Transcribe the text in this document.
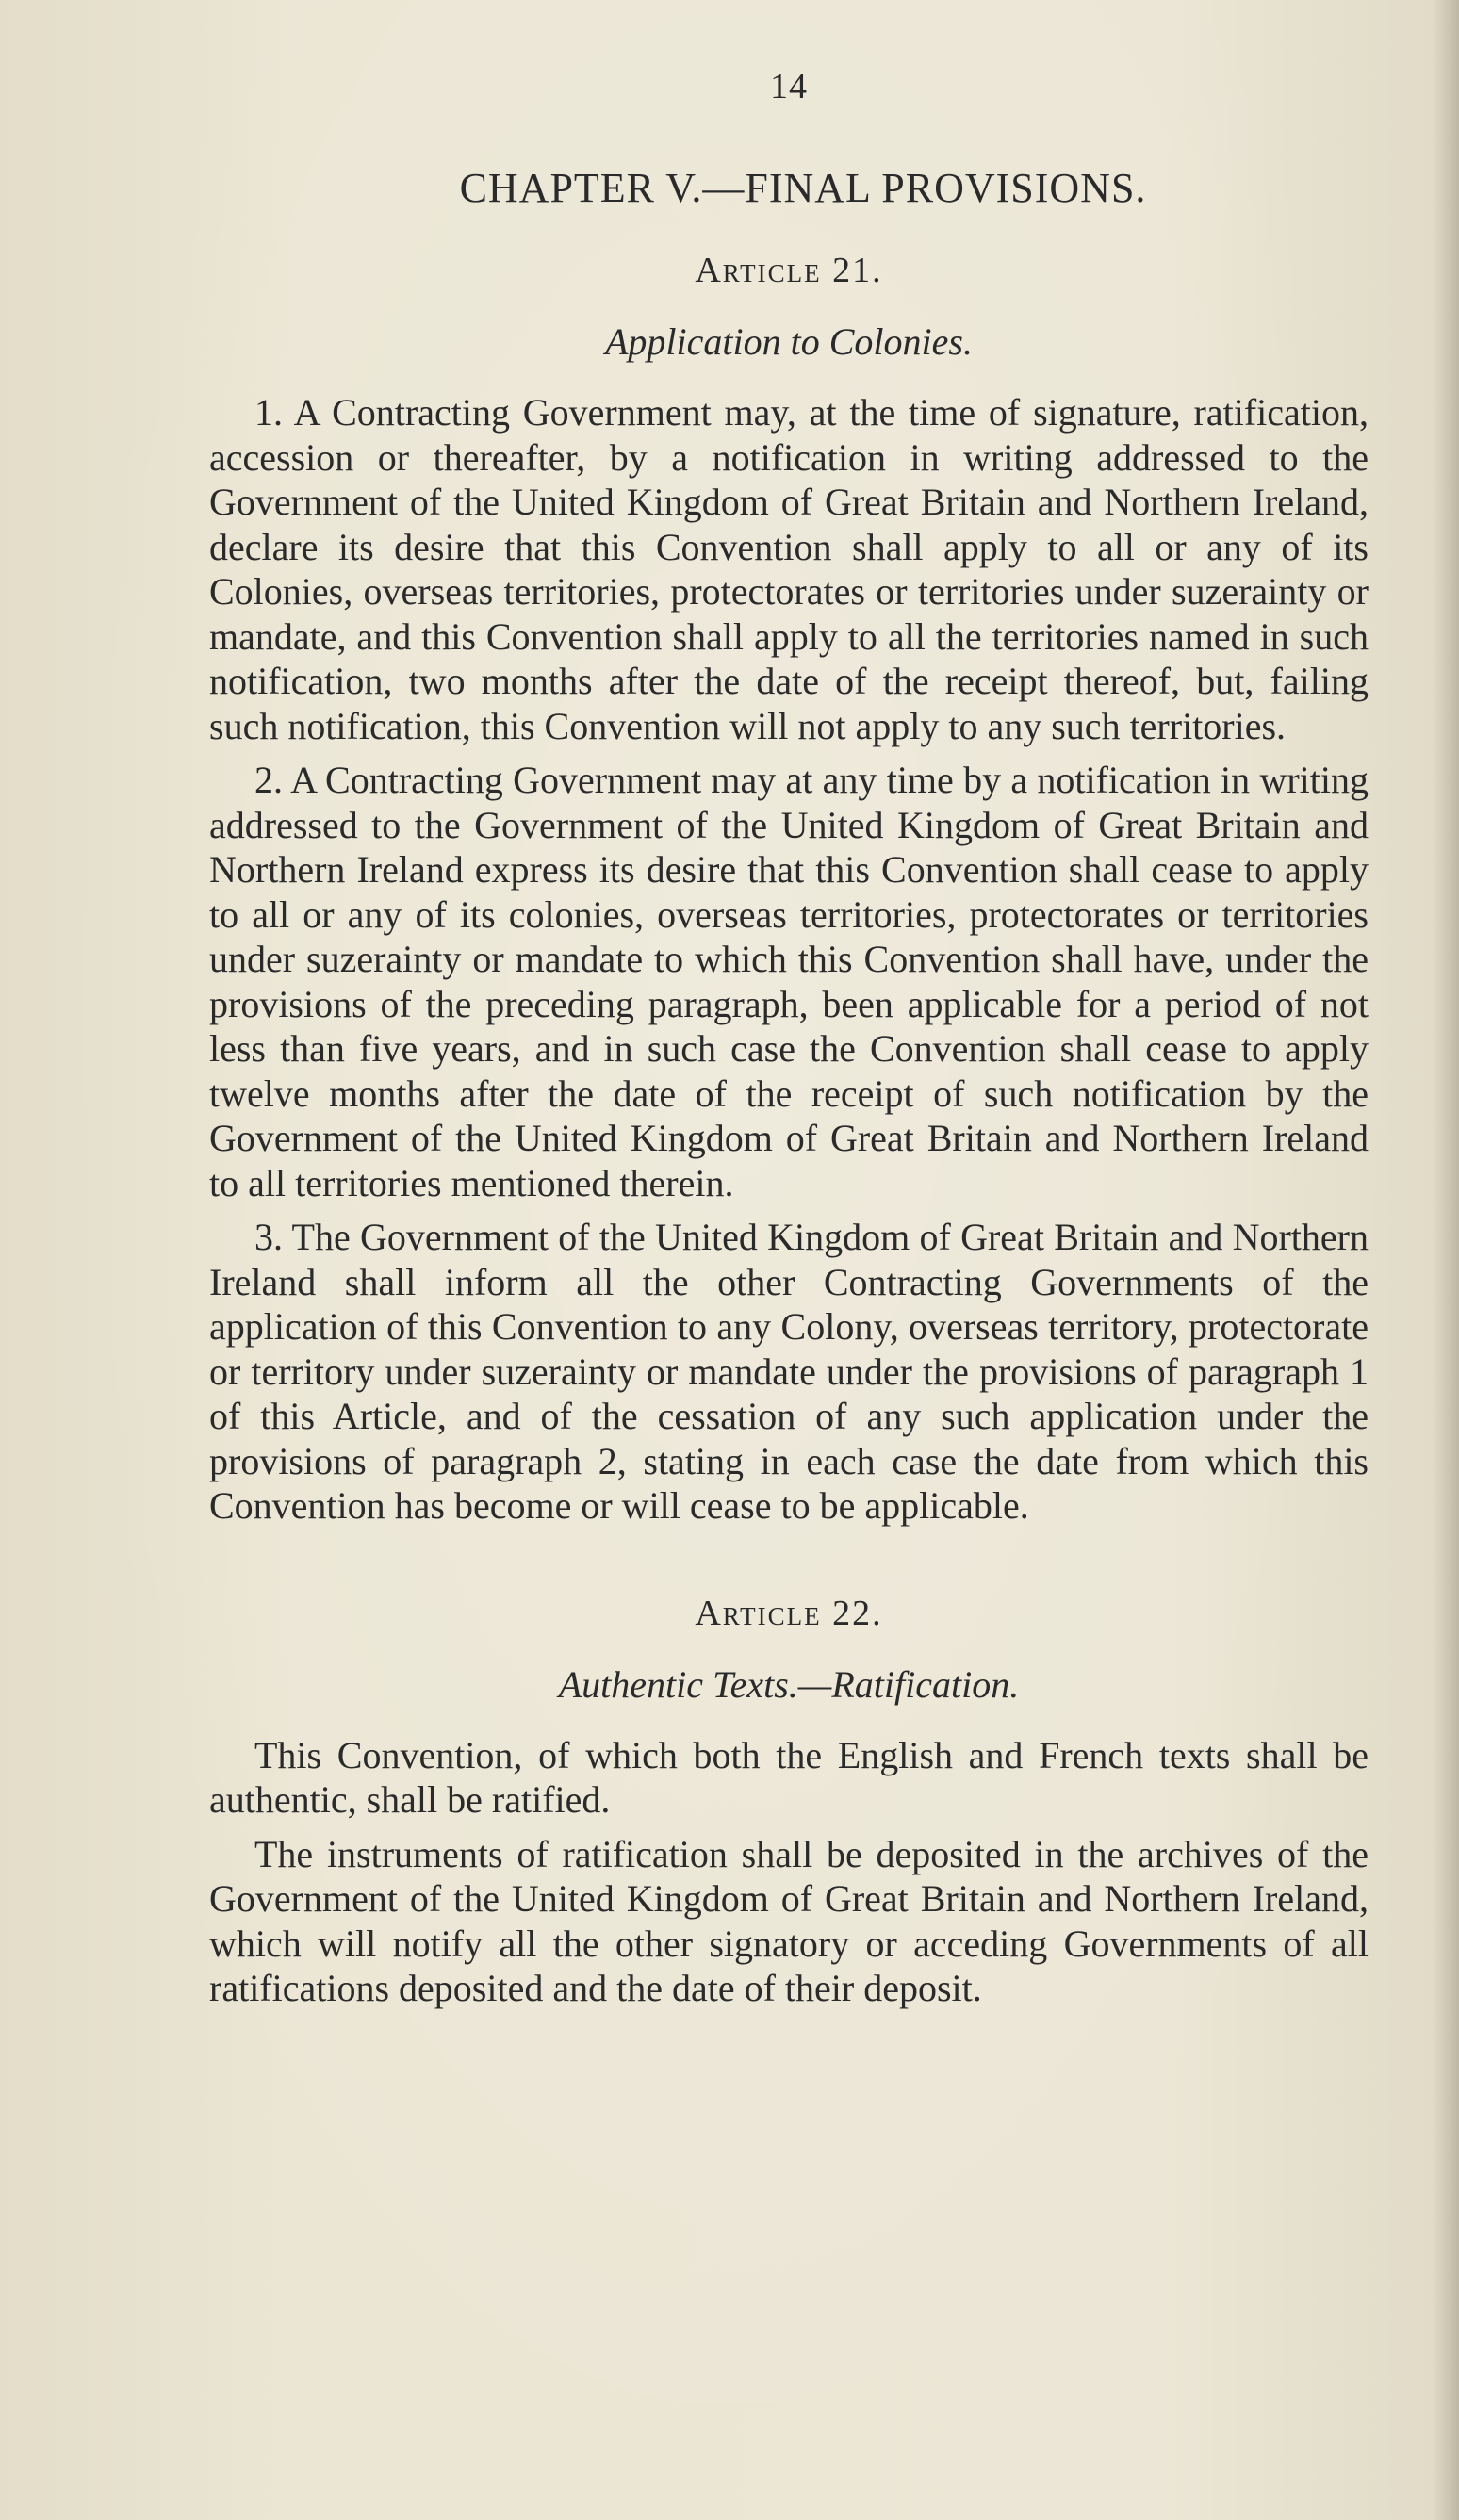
14
CHAPTER V.—FINAL PROVISIONS.
Article 21.
Application to Colonies.

1. A Contracting Government may, at the time of signature, ratification, accession or thereafter, by a notification in writing addressed to the Government of the United Kingdom of Great Britain and Northern Ireland, declare its desire that this Convention shall apply to all or any of its Colonies, overseas territories, protectorates or territories under suzerainty or mandate, and this Convention shall apply to all the territories named in such notification, two months after the date of the receipt thereof, but, failing such notification, this Convention will not apply to any such territories.

2. A Contracting Government may at any time by a notification in writing addressed to the Government of the United Kingdom of Great Britain and Northern Ireland express its desire that this Convention shall cease to apply to all or any of its colonies, overseas territories, protectorates or territories under suzerainty or mandate to which this Convention shall have, under the provisions of the preceding paragraph, been applicable for a period of not less than five years, and in such case the Convention shall cease to apply twelve months after the date of the receipt of such notification by the Government of the United Kingdom of Great Britain and Northern Ireland to all territories mentioned therein.

3. The Government of the United Kingdom of Great Britain and Northern Ireland shall inform all the other Contracting Governments of the application of this Convention to any Colony, overseas territory, protectorate or territory under suzerainty or mandate under the provisions of paragraph 1 of this Article, and of the cessation of any such application under the provisions of paragraph 2, stating in each case the date from which this Convention has become or will cease to be applicable.

Article 22.
Authentic Texts.—Ratification.

This Convention, of which both the English and French texts shall be authentic, shall be ratified.

The instruments of ratification shall be deposited in the archives of the Government of the United Kingdom of Great Britain and Northern Ireland, which will notify all the other signatory or acceding Governments of all ratifications deposited and the date of their deposit.
